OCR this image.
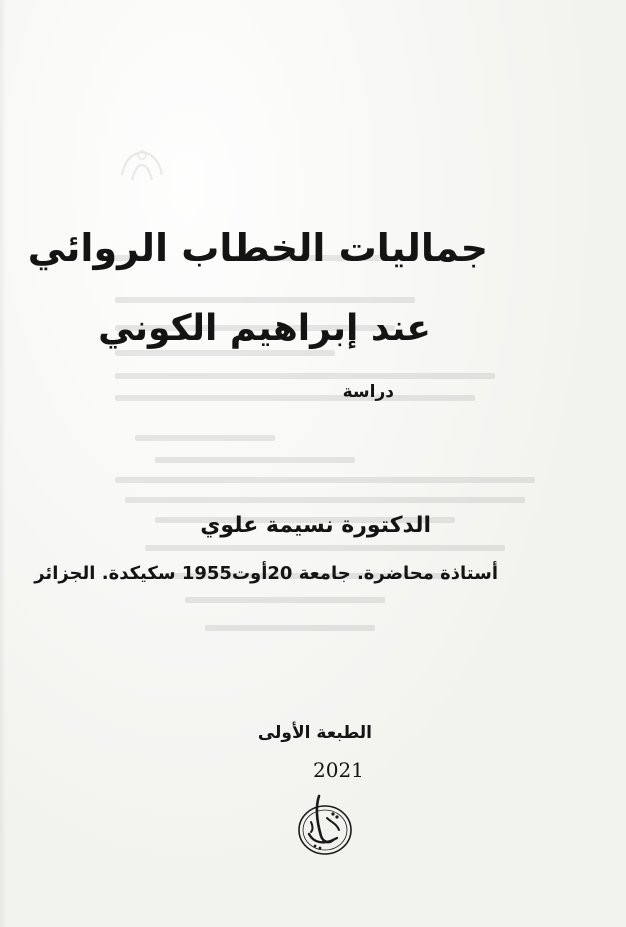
جماليات الخطاب الروائي
عند إبراهيم الكوني

دراسة

الدكتورة نسيمة علوي

أستاذة محاضرة. جامعة 20أوت1955 سكيكدة. الجزائر

الطبعة الأولى

2021
